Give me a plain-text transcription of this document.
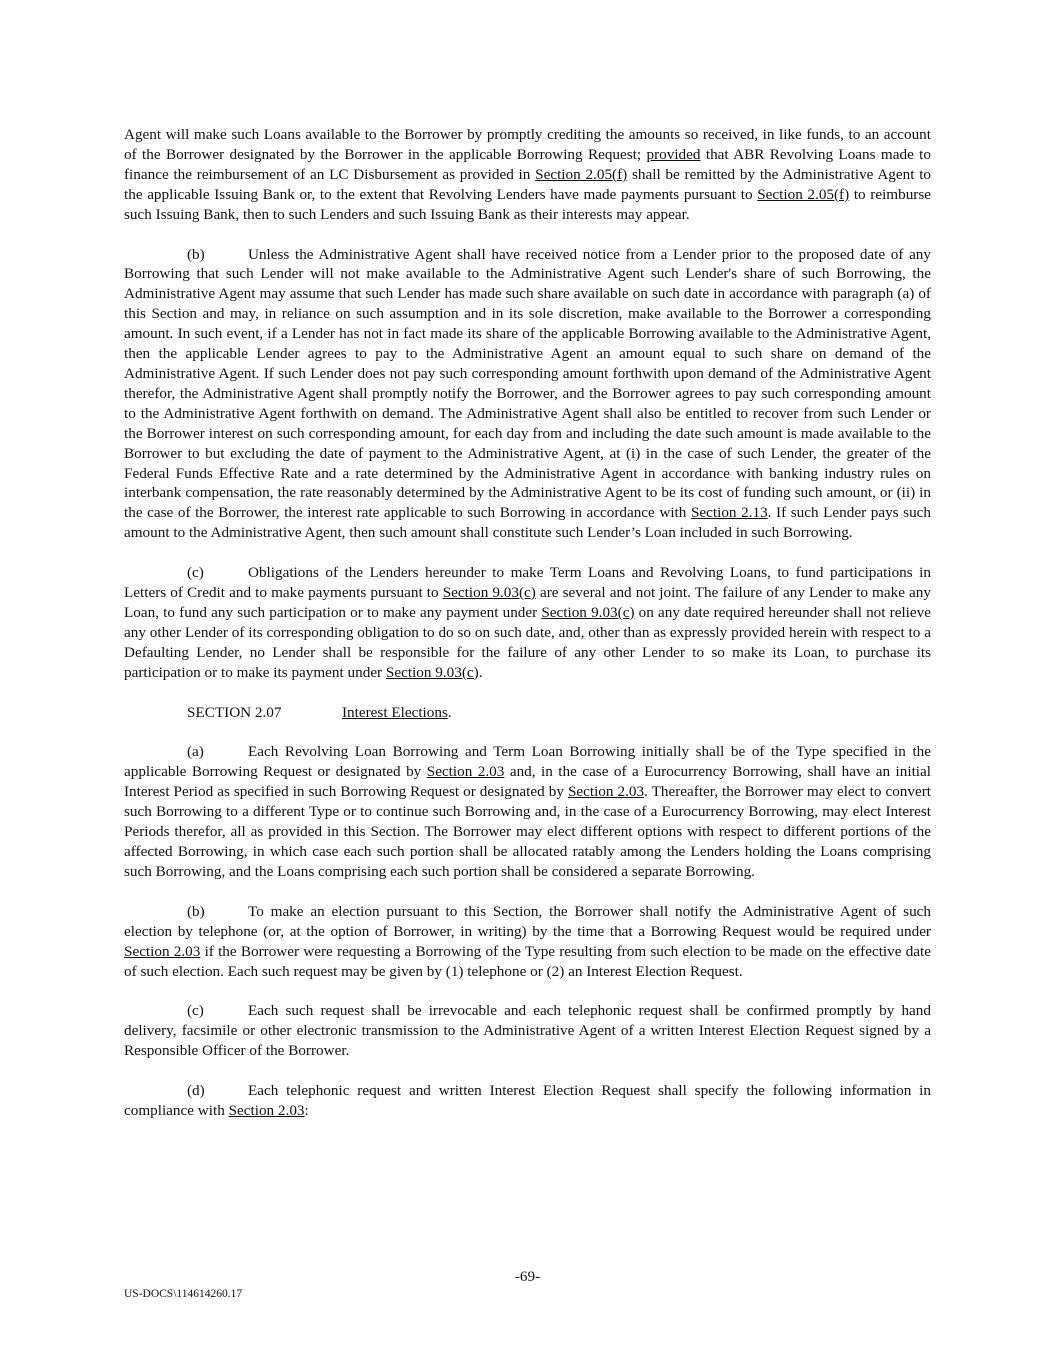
Agent will make such Loans available to the Borrower by promptly crediting the amounts so received, in like funds, to an account of the Borrower designated by the Borrower in the applicable Borrowing Request; provided that ABR Revolving Loans made to finance the reimbursement of an LC Disbursement as provided in Section 2.05(f) shall be remitted by the Administrative Agent to the applicable Issuing Bank or, to the extent that Revolving Lenders have made payments pursuant to Section 2.05(f) to reimburse such Issuing Bank, then to such Lenders and such Issuing Bank as their interests may appear.

(b)	Unless the Administrative Agent shall have received notice from a Lender prior to the proposed date of any Borrowing that such Lender will not make available to the Administrative Agent such Lender's share of such Borrowing, the Administrative Agent may assume that such Lender has made such share available on such date in accordance with paragraph (a) of this Section and may, in reliance on such assumption and in its sole discretion, make available to the Borrower a corresponding amount. In such event, if a Lender has not in fact made its share of the applicable Borrowing available to the Administrative Agent, then the applicable Lender agrees to pay to the Administrative Agent an amount equal to such share on demand of the Administrative Agent. If such Lender does not pay such corresponding amount forthwith upon demand of the Administrative Agent therefor, the Administrative Agent shall promptly notify the Borrower, and the Borrower agrees to pay such corresponding amount to the Administrative Agent forthwith on demand. The Administrative Agent shall also be entitled to recover from such Lender or the Borrower interest on such corresponding amount, for each day from and including the date such amount is made available to the Borrower to but excluding the date of payment to the Administrative Agent, at (i) in the case of such Lender, the greater of the Federal Funds Effective Rate and a rate determined by the Administrative Agent in accordance with banking industry rules on interbank compensation, the rate reasonably determined by the Administrative Agent to be its cost of funding such amount, or (ii) in the case of the Borrower, the interest rate applicable to such Borrowing in accordance with Section 2.13. If such Lender pays such amount to the Administrative Agent, then such amount shall constitute such Lender’s Loan included in such Borrowing.

(c)	Obligations of the Lenders hereunder to make Term Loans and Revolving Loans, to fund participations in Letters of Credit and to make payments pursuant to Section 9.03(c) are several and not joint. The failure of any Lender to make any Loan, to fund any such participation or to make any payment under Section 9.03(c) on any date required hereunder shall not relieve any other Lender of its corresponding obligation to do so on such date, and, other than as expressly provided herein with respect to a Defaulting Lender, no Lender shall be responsible for the failure of any other Lender to so make its Loan, to purchase its participation or to make its payment under Section 9.03(c).

SECTION 2.07	Interest Elections.

(a)	Each Revolving Loan Borrowing and Term Loan Borrowing initially shall be of the Type specified in the applicable Borrowing Request or designated by Section 2.03 and, in the case of a Eurocurrency Borrowing, shall have an initial Interest Period as specified in such Borrowing Request or designated by Section 2.03. Thereafter, the Borrower may elect to convert such Borrowing to a different Type or to continue such Borrowing and, in the case of a Eurocurrency Borrowing, may elect Interest Periods therefor, all as provided in this Section. The Borrower may elect different options with respect to different portions of the affected Borrowing, in which case each such portion shall be allocated ratably among the Lenders holding the Loans comprising such Borrowing, and the Loans comprising each such portion shall be considered a separate Borrowing.

(b)	To make an election pursuant to this Section, the Borrower shall notify the Administrative Agent of such election by telephone (or, at the option of Borrower, in writing) by the time that a Borrowing Request would be required under Section 2.03 if the Borrower were requesting a Borrowing of the Type resulting from such election to be made on the effective date of such election. Each such request may be given by (1) telephone or (2) an Interest Election Request.

(c)	Each such request shall be irrevocable and each telephonic request shall be confirmed promptly by hand delivery, facsimile or other electronic transmission to the Administrative Agent of a written Interest Election Request signed by a Responsible Officer of the Borrower.

(d)	Each telephonic request and written Interest Election Request shall specify the following information in compliance with Section 2.03:

-69-
US-DOCS\114614260.17
